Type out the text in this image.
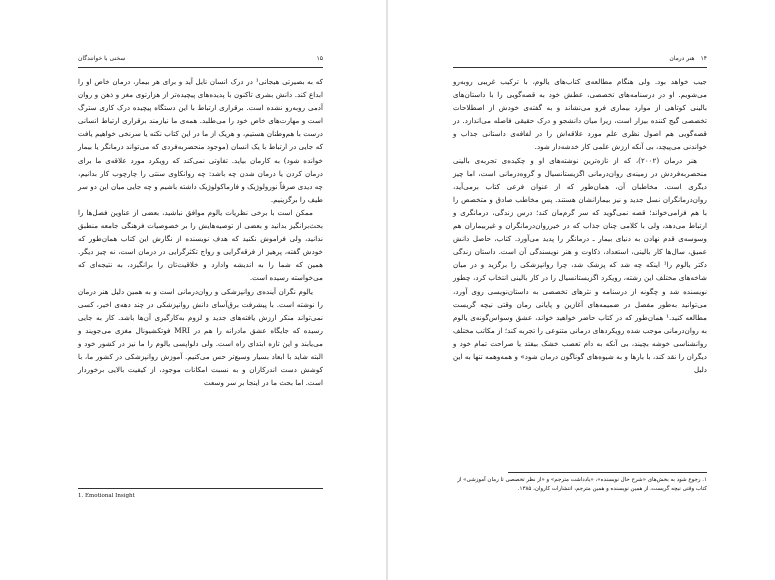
سخنی با خوانندگان	۱۵

که به بصیرتی هیجانی¹ در درک انسان نایل آید و برای هر بیمار، درمان خاص او را ابداع کند. دانش بشری تاکنون با پدیده‌های پیچیده‌تر از هزارتوی مغز و ذهن و روان آدمی روبه‌رو نشده است. برقراری ارتباط با این دستگاه پیچیده درک کاری سترگ است و مهارت‌های خاص خود را می‌طلبد. همه‌ی ما نیازمند برقراری ارتباط انسانی درست با هم‌وطنان هستیم، و هریک از ما در این کتاب نکته یا سرنخی خواهیم یافت که جایی در ارتباط با یک انسان (موجود منحصربه‌فردی که می‌تواند درمانگر یا بیمار خوانده شود) به کارمان بیاید. تفاوتی نمی‌کند که رویکرد مورد علاقه‌ی ما برای درمان کردن یا درمان شدن چه باشد: چه روانکاوی سنتی را چارچوب کار بدانیم، چه دیدی صرفاً نورولوژیک و فارماکولوژیک داشته باشیم و چه جایی میان این دو سر طیف را برگزینیم.

ممکن است با برخی نظریات یالوم موافق نباشید، بعضی از عناوین فصل‌ها را بحث‌برانگیز بدانید و بعضی از توصیه‌هایش را بر خصوصیات فرهنگی جامعه منطبق ندانید، ولی فراموش نکنید که هدف نویسنده از نگارش این کتاب همان‌طور که خودش گفته، پرهیز از فرقه‌گرایی و رواج تکثرگرایی در درمان است، نه چیز دیگر. همین که شما را به اندیشه وادارد و خلاقیت‌تان را برانگیزد، به نتیجه‌ای که می‌خواسته رسیده است.

یالوم نگران آینده‌ی روانپزشکی و روان‌درمانی است و به همین دلیل هنر درمان را نوشته است. با پیشرفت برق‌آسای دانش روانپزشکی در چند دهه‌ی اخیر، کسی نمی‌تواند منکر ارزش یافته‌های جدید و لزوم به‌کارگیری آن‌ها باشد. کار به جایی رسیده که جایگاه عشق مادرانه را هم در MRI فوتکشیونال مغزی می‌جویند و می‌یابند و این تازه ابتدای راه است. ولی دلواپسی یالوم را ما نیز در کشور خود و البته شاید با ابعاد بسیار وسیع‌تر حس می‌کنیم. آموزش روانپزشکی در کشور ما، با کوشش دست اندرکاران و به نسبت امکانات موجود، از کیفیت بالایی برخوردار است. اما بحث ما در اینجا بر سر وسعت

1. Emotional Insight
۱۴
هنر درمان

جیب خواهد بود. ولی هنگام مطالعه‌ی کتاب‌های یالوم، با ترکیب غریبی روبه‌رو می‌شویم. او در درسنامه‌های تخصصی، عطش خود به قصه‌گویی را با داستان‌های بالینی کوتاهی از موارد بیماری فرو می‌نشاند و به گفته‌ی خودش از اصطلاحات تخصصی گیج کننده بیزار است، زیرا میان دانشجو و درک حقیقی فاصله می‌اندازد. در قصه‌گویی هم اصول نظری علم مورد علاقه‌اش را در لفافه‌ی داستانی جذاب و خواندنی می‌پیچد، بی آنکه ارزش علمی کار خدشه‌دار شود.

هنر درمان (۲۰۰۲)، که از تازه‌ترین نوشته‌های او و چکیده‌ی تجربه‌ی بالینی منحصربه‌فردش در زمینه‌ی روان‌درمانی اگزیستانسیال و گروه‌درمانی است، اما چیز دیگری است. مخاطبان آن، همان‌طور که از عنوان فرعی کتاب برمی‌آید، روان‌درمانگران نسل جدید و نیز بیمارانشان هستند. پس مخاطب صادق و متخصص را با هم فرامی‌خواند؛ قصه نمی‌گوید که سر گرم‌مان کند؛ درس زندگی، درمانگری و ارتباط می‌دهد، ولی با کلامی چنان جذاب که در خیرروان‌درمانگران و غیربیماران هم وسوسه‌ی قدم نهادن به دنیای بیمار ـ درمانگر را پدید می‌آورد. کتاب، حاصل دانش عمیق، سال‌ها کار بالینی، استعداد، ذکاوت و هنر نویسندگی آن است. داستان زندگی دکتر یالوم را¹ اینکه چه شد که پزشک شد، چرا روانپزشکی را برگزید و در میان شاخه‌های مختلف این رشته، رویکرد اگزیستانسیال را در کار بالینی انتخاب کرد، چطور نویسنده شد و چگونه از درسنامه و نثرهای تخصصی به داستان‌نویسی روی آورد، می‌توانید به‌طور مفصل در ضمیمه‌های آغازین و پایانی رمان وقتی نیچه گریست مطالعه کنید.¹ همان‌طور که در کتاب حاضر خواهید خواند، عشق وسواس‌گونه‌ی یالوم به روان‌درمانی موجب شده رویکردهای درمانی متنوعی را تجربه کند؛ از مکاتب مختلف روانشناسی خوشه بچیند، بی آنکه به دام تعصب خشک بیفتد یا صراحت تمام خود و دیگران را نقد کند، با بارها و به شیوه‌های گوناگون درمان شود» و همه‌وهمه تنها به این دلیل

۱. رجوع شود به بخش‌های «شرح حال نویسنده»، «یادداشت مترجم» و «از نظر تخصصی تا رمان آموزشی» از کتاب وقتی نیچه گریست، از همین نویسنده و همین مترجم، انتشارات کاروان، ۱۳۸۵.
